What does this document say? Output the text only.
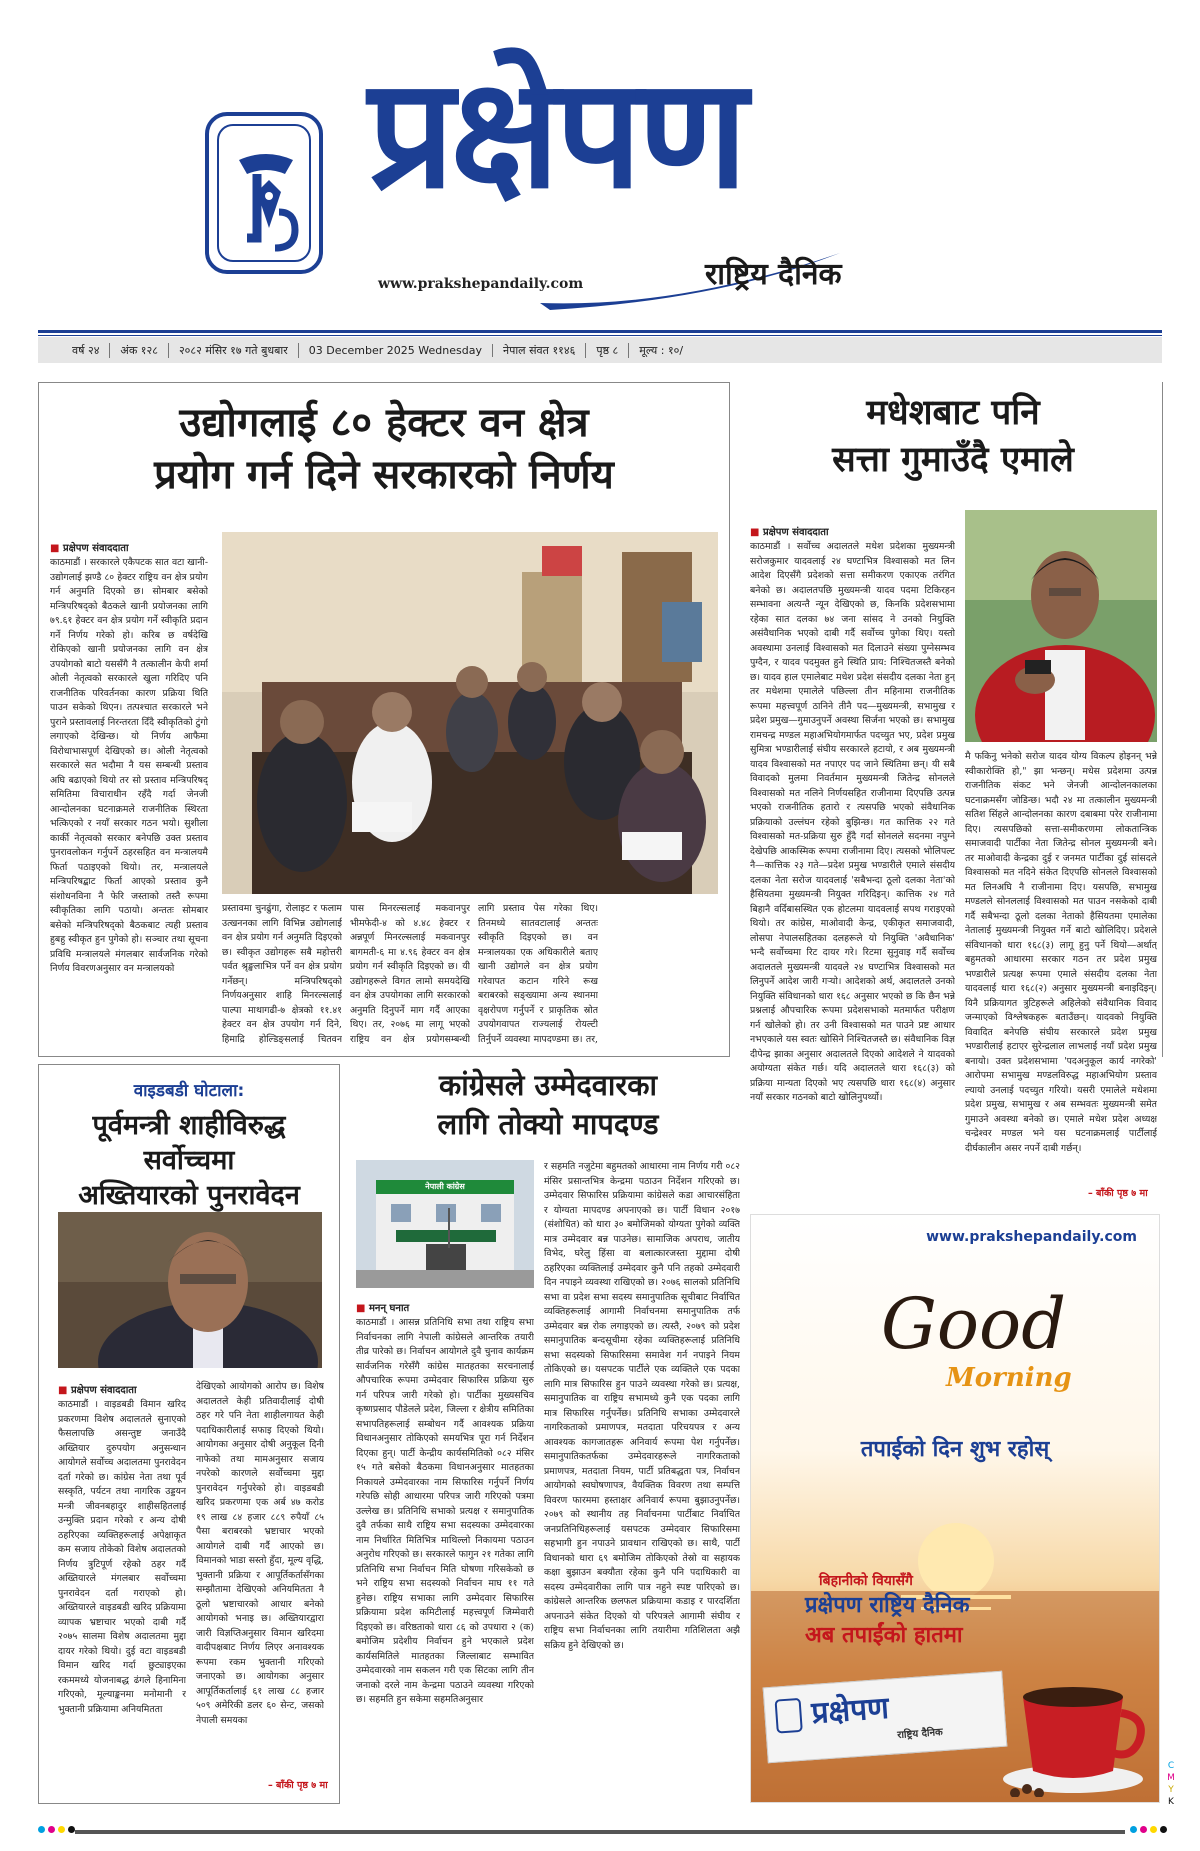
प्रक्षेपण
राष्ट्रिय दैनिक
www.prakshepandaily.com
वर्ष २४	अंक १२८	२०८२ मंसिर १७ गते बुधबार	03 December 2025 Wednesday	नेपाल संवत ११४६	पृष्ठ ८	मूल्य : १०/
उद्योगलाई ८० हेक्टर वन क्षेत्र
प्रयोग गर्न दिने सरकारको निर्णय
■ प्रक्षेपण संवाददाता
काठमाडौं । सरकारले एकैपटक सात वटा खानी-उद्योगलाई झण्डै ८० हेक्टर राष्ट्रिय वन क्षेत्र प्रयोग गर्न अनुमति दिएको छ। सोमबार बसेको मन्त्रिपरिषद्को बैठकले खानी प्रयोजनका लागि ७९.६१ हेक्टर वन क्षेत्र प्रयोग गर्ने स्वीकृति प्रदान गर्ने निर्णय गरेको हो। करिब छ वर्षदेखि रोकिएको खानी प्रयोजनका लागि वन क्षेत्र उपयोगको बाटो यससँगै नै तत्कालीन केपी शर्मा ओली नेतृत्वको सरकारले खुला गरिदिए पनि राजनीतिक परिवर्तनका कारण प्रक्रिया थिति पाउन सकेको थिएन। तत्पश्चात सरकारले भने पुराने प्रस्तावलाई निरन्तरता दिँदै स्वीकृतिको टुंगो लगाएको देखिन्छ। यो निर्णय आफैमा विरोधाभासपूर्ण देखिएको छ। ओली नेतृत्वको सरकारले सत भदौमा नै यस सम्बन्धी प्रस्ताव अघि बढाएको थियो तर सो प्रस्ताव मन्त्रिपरिषद् समितिमा विचाराधीन रहँदै गर्दा जेनजी आन्दोलनका घटनाक्रमले राजनीतिक स्थिरता भत्किएको र नयाँ सरकार गठन भयो। सुशीला कार्की नेतृत्वको सरकार बनेपछि उक्त प्रस्ताव पुनरावलोकन गर्नुपर्ने ठहरसहित वन मन्त्रालयमै फिर्ता पठाइएको थियो। तर, मन्त्रालयले मन्त्रिपरिषद्बाट फिर्ता आएको प्रस्ताव कुनै संशोधनविना नै फेरि जस्ताको तस्तै रूपमा स्वीकृतिका लागि पठायो। अन्ततः सोमबार बसेको मन्त्रिपरिषद्को बैठकबाट त्यही प्रस्ताव हुबहु स्वीकृत हुन पुगेको हो। सञ्चार तथा सूचना प्रविधि मन्त्रालयले मंगलबार सार्वजनिक गरेको निर्णय विवरणअनुसार वन मन्त्रालयको
प्रस्तावमा चुनढुंगा, रोलाइट र फलाम उत्खननका लागि विभिन्न उद्योगलाई वन क्षेत्र प्रयोग गर्न अनुमति दिइएको छ। स्वीकृत उद्योगहरू सबै महोत्तरी पर्वत श्रृङ्खलाभित्र पर्ने वन क्षेत्र प्रयोग गर्नेछन्। मन्त्रिपरिषद्को निर्णयअनुसार शाहि मिनरल्सलाई पाल्पा माथागढी-७ क्षेत्रको ११.४१ हेक्टर वन क्षेत्र उपयोग गर्न दिने, हिमाद्रि होल्डिङ्सलाई चितवन
पास मिनरल्सलाई मकवानपुर भीमफेदी-४ को ४.४८ हेक्टर र अन्नपूर्ण मिनरल्सलाई मकवानपुर बागमती-६ मा ४.९६ हेक्टर वन क्षेत्र प्रयोग गर्न स्वीकृति दिइएको छ। यी उद्योगहरूले विगत लामो समयदेखि वन क्षेत्र उपयोगका लागि सरकारको अनुमति दिनुपर्ने माग गर्दै आएका थिए। तर, २०७६ मा लागू भएको राष्ट्रिय वन क्षेत्र प्रयोगसम्बन्धी
लागि प्रस्ताव पेस गरेका थिए। तिनमध्ये सातवटालाई अन्ततः स्वीकृति दिइएको छ। वन मन्त्रालयका एक अधिकारीले बताए खानी उद्योगले वन क्षेत्र प्रयोग गरेवापत कटान गरिने रूख बराबरको सङ्ख्यामा अन्य स्थानमा वृक्षरोपण गर्नुपर्ने र प्राकृतिक स्रोत उपयोगवापत राज्यलाई रोयल्टी तिर्नुपर्ने व्यवस्था मापदण्डमा छ। तर,
मधेशबाट पनि
सत्ता गुमाउँदै एमाले
■ प्रक्षेपण संवाददाता
काठमाडौं । सर्वोच्च अदालतले मधेश प्रदेशका मुख्यमन्त्री सरोजकुमार यादवलाई २४ घण्टाभित्र विश्वासको मत लिन आदेश दिएसँगै प्रदेशको सत्ता समीकरण एकाएक तरंगित बनेको छ। अदालतपछि मुख्यमन्त्री यादव पदमा टिकिरहन सम्भावना अत्यन्तै न्यून देखिएको छ, किनकि प्रदेशसभामा रहेका सात दलका ७४ जना सांसद ने उनको नियुक्ति असंवैधानिक भएको दाबी गर्दै सर्वोच्च पुगेका थिए। यस्तो अवस्थामा उनलाई विश्वासको मत दिलाउने संख्या पुग्नेसम्भव पुग्दैन, र यादव पदमुक्त हुने स्थिति प्राय: निश्चितजस्तै बनेको छ। यादव हाल एमालेबाट मधेश प्रदेश संसदीय दलका नेता हुन् तर मधेशमा एमालेले पछिल्ला तीन महिनामा राजनीतिक रूपमा महत्त्वपूर्ण ठानिने तीनै पद—मुख्यमन्त्री, सभामुख र प्रदेश प्रमुख—गुमाउनुपर्ने अवस्था सिर्जना भएको छ। सभामुख रामचन्द्र मण्डल महाअभियोगमार्फत पदच्युत भए, प्रदेश प्रमुख सुमित्रा भण्डारीलाई संघीय सरकारले हटायो, र अब मुख्यमन्त्री यादव विश्वासको मत नपाएर पद जाने स्थितिमा छन्। यी सबै विवादको मुलमा निवर्तमान मुख्यमन्त्री जितेन्द्र सोनलले विश्वासको मत नलिने निर्णयसहित राजीनामा दिएपछि उत्पन्न भएको राजनीतिक हतारो र त्यसपछि भएको संवैधानिक प्रक्रियाको उल्लंघन रहेको बुझिन्छ। गत कात्तिक २२ गते विश्वासको मत-प्रक्रिया सुरु हुँदै गर्दा सोनलले सदनमा नपुग्ने देखेपछि आकस्मिक रूपमा राजीनामा दिए। त्यसको भोलिपल्ट नै—कात्तिक २३ गते—प्रदेश प्रमुख भण्डारीले एमाले संसदीय दलका नेता सरोज यादवलाई 'सबैभन्दा ठूलो दलका नेता'को हैसियतमा मुख्यमन्त्री नियुक्त गरिदिइन्। कात्तिक २४ गते बिहानै वर्दिबासस्थित एक होटलमा यादवलाई सपथ गराइएको थियो। तर कांग्रेस, माओवादी केन्द्र, एकीकृत समाजवादी, लोसपा नेपालसहितका दलहरूले यो नियुक्ति 'अवैधानिक' भन्दै सर्वोच्चमा रिट दायर गरे। रिटमा सुनुवाइ गर्दै सर्वोच्च अदालतले मुख्यमन्त्री यादवले २४ घण्टाभित्र विश्वासको मत लिनुपर्ने आदेश जारी गर्‍यो। आदेशको अर्थ, अदालतले उनको नियुक्ति संविधानको धारा १६८ अनुसार भएको छ कि छैन भन्ने प्रश्नलाई औपचारिक रूपमा प्रदेशसभाको मतमार्फत परीक्षण गर्न खोलेको हो। तर उनी विश्वासको मत पाउने प्रष्ट आधार नभएकाले यस स्वतः खोसिने निश्चितजस्तै छ। संवैधानिक विज्ञ दीपेन्द्र झाका अनुसार अदालतले दिएको आदेशले ने यादवको अयोग्यता संकेत गर्छ। यदि अदालतले धारा १६८(३) को प्रक्रिया मान्यता दिएको भए त्यसपछि धारा १६८(४) अनुसार नयाँ सरकार गठनको बाटो खोलिनुपर्थ्यो।
मै फकिनु भनेको सरोज यादव योग्य विकल्प होइनन् भन्ने स्वीकारोक्ति हो," झा भन्छन्। मधेस प्रदेशमा उत्पन्न राजनीतिक संकट भने जेनजी आन्दोलनकालका घटनाक्रमसँग जोडिन्छ। भदौ २४ मा तत्कालीन मुख्यमन्त्री सतिश सिंहले आन्दोलनका कारण दबाबमा परेर राजीनामा दिए। त्यसपछिको सत्ता-समीकरणमा लोकतान्त्रिक समाजवादी पार्टीका नेता जितेन्द्र सोनल मुख्यमन्त्री बने। तर माओवादी केन्द्रका दुई र जनमत पार्टीका दुई सांसदले विश्वासको मत नदिने संकेत दिएपछि सोनलले विश्वासको मत लिनअघि नै राजीनामा दिए। यसपछि, सभामुख मण्डलले सोनललाई विश्वासको मत पाउन नसकेको दाबी गर्दै सबैभन्दा ठूलो दलका नेताको हैसियतमा एमालेका नेतालाई मुख्यमन्त्री नियुक्त गर्ने बाटो खोलिदिए। प्रदेशले संविधानको धारा १६८(३) लागू हुनु पर्ने थियो—अर्थात् बहुमतको आधारमा सरकार गठन तर प्रदेश प्रमुख भण्डारीले प्रत्यक्ष रूपमा एमाले संसदीय दलका नेता यादवलाई धारा १६८(२) अनुसार मुख्यमन्त्री बनाइदिइन्। यिनै प्रक्रियागत त्रुटिहरूले अहिलेको संवैधानिक विवाद जन्माएको विश्लेषकहरू बताउँछन्। यादवको नियुक्ति विवादित बनेपछि संघीय सरकारले प्रदेश प्रमुख भण्डारीलाई हटाएर सुरेन्द्रलाल लाभलाई नयाँ प्रदेश प्रमुख बनायो। उक्त प्रदेशसभामा 'पदअनुकूल कार्य नगरेको' आरोपमा सभामुख मण्डलविरुद्ध महाअभियोग प्रस्ताव ल्यायो उनलाई पदच्युत गरियो। यसरी एमालेले मधेशमा प्रदेश प्रमुख, सभामुख र अब सम्भवतः मुख्यमन्त्री समेत गुमाउने अवस्था बनेको छ। एमाले मधेश प्रदेश अध्यक्ष चन्द्रेश्वर मण्डल भने यस घटनाक्रमलाई पार्टीलाई दीर्घकालीन असर नपर्ने दाबी गर्छन्।
– बाँकी पृष्ठ ७ मा
वाइडबडी घोटाला:
पूर्वमन्त्री शाहीविरुद्ध
सर्वोच्चमा
अख्तियारको पुनरावेदन
■ प्रक्षेपण संवाददाता
काठमाडौं । वाइडबडी विमान खरिद प्रकरणमा विशेष अदालतले सुनाएको फैसलापछि असन्तुष्ट जनाउँदै अख्तियार दुरुपयोग अनुसन्धान आयोगले सर्वोच्च अदालतमा पुनरावेदन दर्ता गरेको छ। कांग्रेस नेता तथा पूर्व सस्कृति, पर्यटन तथा नागरिक उड्डयन मन्त्री जीवनबहादुर शाहीसहितलाई उन्मुक्ति प्रदान गरेको र अन्य दोषी ठहरिएका व्यक्तिहरूलाई अपेक्षाकृत कम सजाय तोकेको विशेष अदालतको निर्णय त्रुटिपूर्ण रहेको ठहर गर्दै अख्तियारले मंगलबार सर्वोच्चमा पुनरावेदन दर्ता गराएको हो। अख्तियारले वाइडबडी खरिद प्रक्रियामा व्यापक भ्रष्टाचार भएको दाबी गर्दै २०७५ सालमा विशेष अदालतमा मुद्दा दायर गरेको थियो। दुई वटा वाइडबडी विमान खरिद गर्दा छुट्याइएका रकममध्ये योजनाबद्ध ढंगले हिनामिना गरिएको, मूल्याङ्कनमा मनोमानी र भुक्तानी प्रक्रियामा अनियमितता
देखिएको आयोगको आरोप छ। विशेष अदालतले केही प्रतिवादीलाई दोषी ठहर गरे पनि नेता शाहीलगायत केही पदाधिकारीलाई सफाइ दिएको थियो। आयोगका अनुसार दोषी अनुकूल दिनी नाफेको तथा मामअनुसार सजाय नपरेको कारणले सर्वोच्चमा मुद्दा पुनरावेदन गर्नुपरेको हो। वाइडबडी खरिद प्रकरणमा एक अर्ब ४७ करोड १९ लाख ८४ हजार ८८९ रुपैयाँ ८५ पैसा बराबरको भ्रष्टाचार भएको आयोगले दाबी गर्दै आएको छ। विमानको भाडा सस्तो हुँदा, मूल्य वृद्धि, भुक्तानी प्रक्रिया र आपूर्तिकर्तासँगका सम्झौतामा देखिएको अनियमितता नै ठूलो भ्रष्टाचारको आधार बनेको आयोगको भनाइ छ। अख्तियारद्वारा जारी विज्ञप्तिअनुसार विमान खरिदमा वादीपक्षबाट निर्णय लिएर अनावश्यक रूपमा रकम भुक्तानी गरिएको जनाएको छ। आयोगका अनुसार आपूर्तिकर्तालाई ६१ लाख ८८ हजार ५०९ अमेरिकी डलर ६० सेन्ट, जसको नेपाली समयका
– बाँकी पृष्ठ ७ मा
कांग्रेसले उम्मेदवारका
लागि तोक्यो मापदण्ड
नेपाली कांग्रेस
■ मनन् घनात
काठमाडौं । आसन्न प्रतिनिधि सभा तथा राष्ट्रिय सभा निर्वाचनका लागि नेपाली कांग्रेसले आन्तरिक तयारी तीव्र पारेको छ। निर्वाचन आयोगले दुवै चुनाव कार्यक्रम सार्वजनिक गरेसँगै कांग्रेस मातहतका सरचनालाई औपचारिक रूपमा उम्मेदवार सिफारिस प्रक्रिया सुरु गर्न परिपत्र जारी गरेको हो। पार्टीका मुख्यसचिव कृष्णप्रसाद पौडेलले प्रदेश, जिल्ला र क्षेत्रीय समितिका सभापतिहरूलाई सम्बोधन गर्दै आवश्यक प्रक्रिया विधानअनुसार तोकिएको समयभित्र पूरा गर्न निर्देशन दिएका हुन्। पार्टी केन्द्रीय कार्यसमितिको ०८२ मंसिर १५ गते बसेको बैठकमा विधानअनुसार मातहतका निकायले उम्मेदवारका नाम सिफारिस गर्नुपर्ने निर्णय गरेपछि सोही आधारमा परिपत्र जारी गरिएको पत्रमा उल्लेख छ। प्रतिनिधि सभाको प्रत्यक्ष र समानुपातिक दुवै तर्फका साथै राष्ट्रिय सभा सदस्यका उम्मेदवारका नाम निर्धारित मितिभित्र माथिल्लो निकायमा पठाउन अनुरोध गरिएको छ। सरकारले फागुन २१ गतेका लागि प्रतिनिधि सभा निर्वाचन मिति घोषणा गरिसकेको छ भने राष्ट्रिय सभा सदस्यको निर्वाचन माघ ११ गते हुनेछ। राष्ट्रिय सभाका लागि उम्मेदवार सिफारिस प्रक्रियामा प्रदेश कमिटीलाई महत्त्वपूर्ण जिम्मेवारी दिइएको छ। वरिष्ठताको धारा ८६ को उपधारा २ (क) बमोजिम प्रदेशीय निर्वाचन हुने भएकाले प्रदेश कार्यसमितिले मातहतका जिल्लाबाट सम्भावित उम्मेदवारको नाम सकलन गरी एक सिटका लागि तीन जनाको दरले नाम केन्द्रमा पठाउने व्यवस्था गरिएको छ। सहमति हुन सकेमा सहमतिअनुसार
र सहमति नजुटेमा बहुमतको आधारमा नाम निर्णय गरी ०८२ मंसिर प्रसान्तभित्र केन्द्रमा पठाउन निर्देशन गरिएको छ। उम्मेदवार सिफारिस प्रक्रियामा कांग्रेसले कडा आचारसंहिता र योग्यता मापदण्ड अपनाएको छ। पार्टी विधान २०१७ (संशोधित) को धारा ३० बमोजिमको योग्यता पुगेको व्यक्ति मात्र उम्मेदवार बन्न पाउनेछ। सामाजिक अपराध, जातीय विभेद, घरेलु हिंसा वा बलात्कारजस्ता मुद्दामा दोषी ठहरिएका व्यक्तिलाई उम्मेदवार कुनै पनि तहको उम्मेदवारी दिन नपाइने व्यवस्था राखिएको छ। २०७६ सालको प्रतिनिधि सभा वा प्रदेश सभा सदस्य समानुपातिक सूचीबाट निर्वाचित व्यक्तिहरूलाई आगामी निर्वाचनमा समानुपातिक तर्फ उम्मेदवार बन्न रोक लगाइएको छ। त्यस्तै, २०७९ को प्रदेश समानुपातिक बन्दसूचीमा रहेका व्यक्तिहरूलाई प्रतिनिधि सभा सदस्यको सिफारिसमा समावेश गर्न नपाइने नियम तोकिएको छ। यसपटक पार्टीले एक व्यक्तिले एक पदका लागि मात्र सिफारिस हुन पाउने व्यवस्था गरेको छ। प्रत्यक्ष, समानुपातिक वा राष्ट्रिय सभामध्ये कुनै एक पदका लागि मात्र सिफारिस गर्नुपर्नेछ। प्रतिनिधि सभाका उम्मेदवारले नागरिकताको प्रमाणपत्र, मतदाता परिचयपत्र र अन्य आवश्यक कागजातहरू अनिवार्य रूपमा पेश गर्नुपर्नेछ। समानुपातिकतर्फका उम्मेदवारहरूले नागरिकताको प्रमाणपत्र, मतदाता नियम, पार्टी प्रतिबद्धता पत्र, निर्वाचन आयोगको स्वघोषणापत्र, वैयक्तिक विवरण तथा सम्पत्ति विवरण फारममा हस्ताक्षर अनिवार्य रूपमा बुझाउनुपर्नेछ। २०७९ को स्थानीय तह निर्वाचनमा पार्टीबाट निर्वाचित जनप्रतिनिधिहरूलाई यसपटक उम्मेदवार सिफारिसमा सहभागी हुन नपाउने प्रावधान राखिएको छ। साथै, पार्टी विधानको धारा ६९ बमोजिम तोकिएको तेस्रो वा सहायक कक्षा बुझाउन बक्यौता रहेका कुनै पनि पदाधिकारी वा सदस्य उम्मेदवारीका लागि पात्र नहुने स्पष्ट पारिएको छ। कांग्रेसले आन्तरिक छलफल प्रक्रियामा कडाइ र पारदर्शिता अपनाउने संकेत दिएको यो परिपत्रले आगामी संघीय र राष्ट्रिय सभा निर्वाचनका लागि तयारीमा गतिशिलता अझै सक्रिय हुने देखिएको छ।
www.prakshepandaily.com
Good
Morning
तपाईको दिन शुभ रहोस्
बिहानीको वियासँगै
प्रक्षेपण राष्ट्रिय दैनिक
अब तपाईंको हातमा
प्रक्षेपण
राष्ट्रिय दैनिक
C
M
Y
K
